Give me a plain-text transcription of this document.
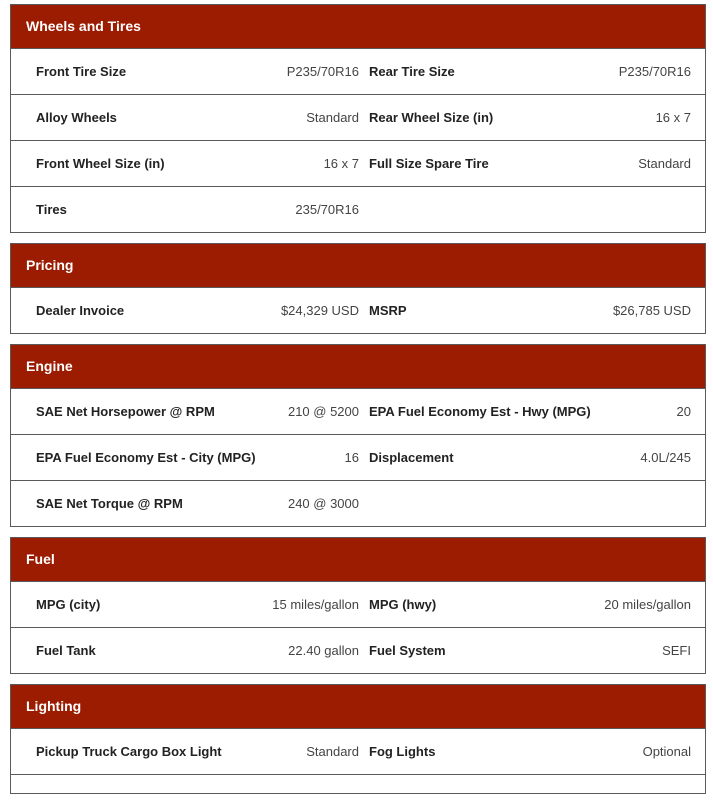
Wheels and Tires
Front Tire Size	P235/70R16 Rear Tire Size	P235/70R16
Alloy Wheels	Standard Rear Wheel Size (in)	16 x 7
Front Wheel Size (in)	16 x 7 Full Size Spare Tire	Standard
Tires	235/70R16
Pricing
Dealer Invoice	$24,329 USD MSRP	$26,785 USD
Engine
SAE Net Horsepower @ RPM	210 @ 5200 EPA Fuel Economy Est - Hwy (MPG)	20
EPA Fuel Economy Est - City (MPG)	16 Displacement	4.0L/245
SAE Net Torque @ RPM	240 @ 3000
Fuel
MPG (city)	15 miles/gallon MPG (hwy)	20 miles/gallon
Fuel Tank	22.40 gallon Fuel System	SEFI
Lighting
Pickup Truck Cargo Box Light	Standard Fog Lights	Optional
